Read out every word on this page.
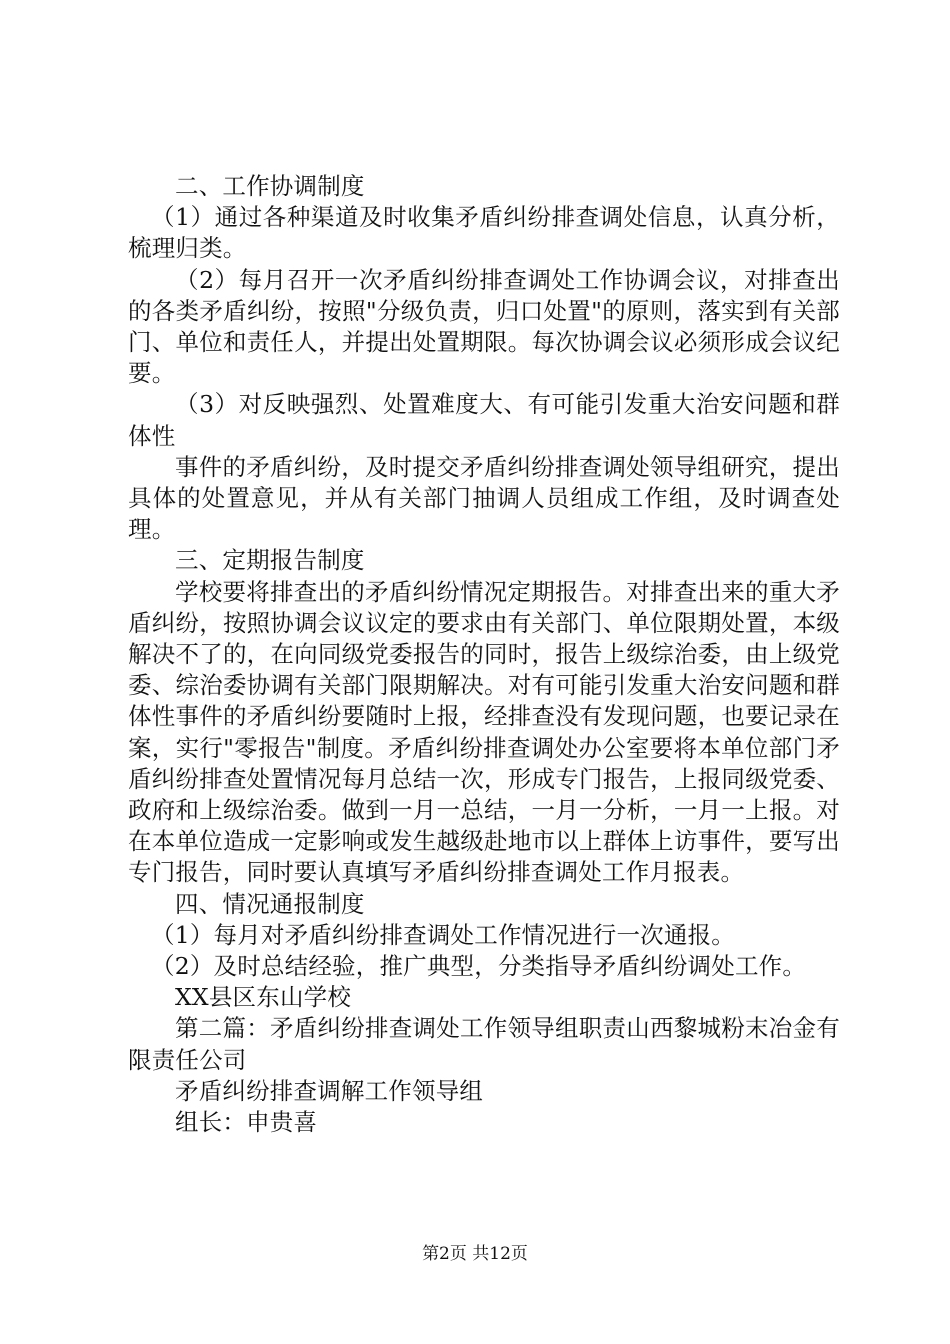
二、工作协调制度

（1）通过各种渠道及时收集矛盾纠纷排查调处信息，认真分析，梳理归类。

（2）每月召开一次矛盾纠纷排查调处工作协调会议，对排查出的各类矛盾纠纷，按照"分级负责，归口处置"的原则，落实到有关部门、单位和责任人，并提出处置期限。每次协调会议必须形成会议纪要。

（3）对反映强烈、处置难度大、有可能引发重大治安问题和群体性

事件的矛盾纠纷，及时提交矛盾纠纷排查调处领导组研究，提出具体的处置意见，并从有关部门抽调人员组成工作组，及时调查处理。

三、定期报告制度

学校要将排查出的矛盾纠纷情况定期报告。对排查出来的重大矛盾纠纷，按照协调会议议定的要求由有关部门、单位限期处置，本级解决不了的，在向同级党委报告的同时，报告上级综治委，由上级党委、综治委协调有关部门限期解决。对有可能引发重大治安问题和群体性事件的矛盾纠纷要随时上报，经排查没有发现问题，也要记录在案，实行"零报告"制度。矛盾纠纷排查调处办公室要将本单位部门矛盾纠纷排查处置情况每月总结一次，形成专门报告，上报同级党委、政府和上级综治委。做到一月一总结，一月一分析，一月一上报。对在本单位造成一定影响或发生越级赴地市以上群体上访事件，要写出专门报告，同时要认真填写矛盾纠纷排查调处工作月报表。

四、情况通报制度

（1）每月对矛盾纠纷排查调处工作情况进行一次通报。

（2）及时总结经验，推广典型，分类指导矛盾纠纷调处工作。

XX县区东山学校

第二篇：矛盾纠纷排查调处工作领导组职责山西黎城粉末冶金有限责任公司

矛盾纠纷排查调解工作领导组

组长：申贵喜

第2页 共12页
